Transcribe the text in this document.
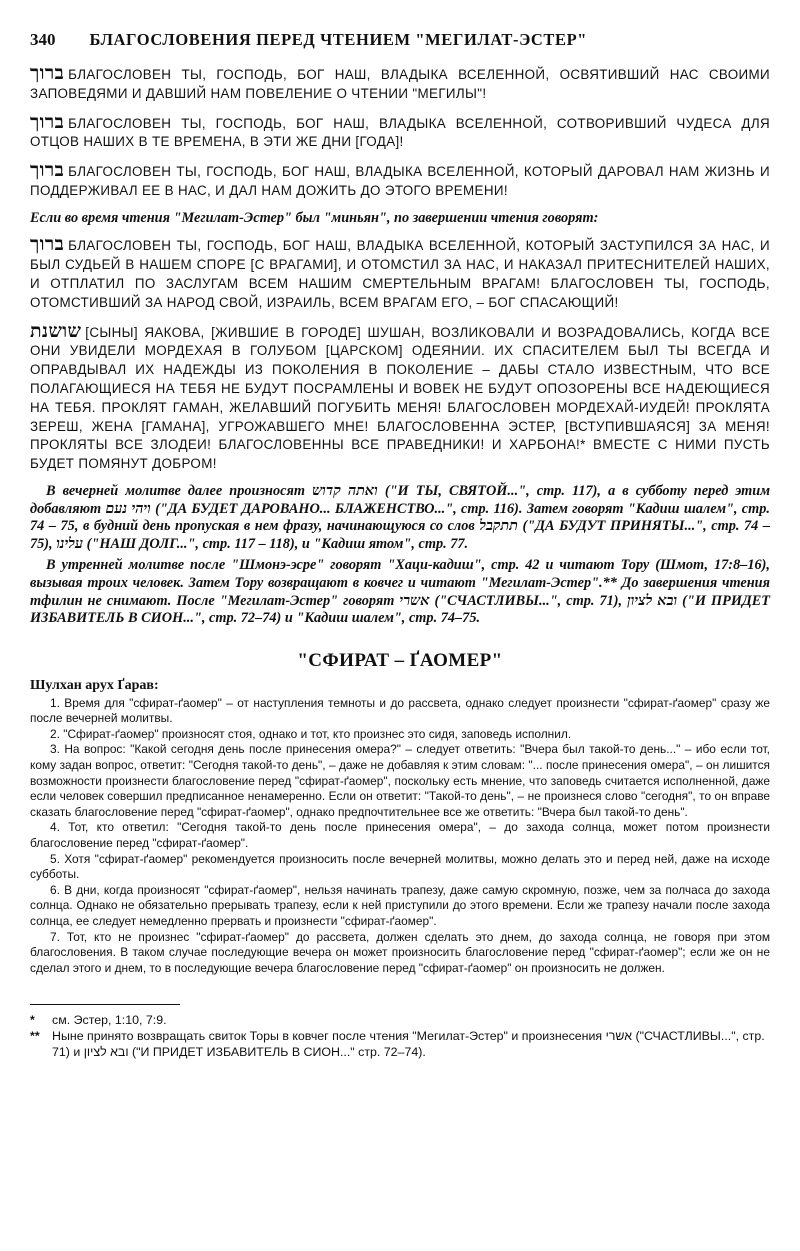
340 БЛАГОСЛОВЕНИЯ ПЕРЕД ЧТЕНИЕМ "МЕГИЛАТ-ЭСТЕР"

ברוך БЛАГОСЛОВЕН ТЫ, ГОСПОДЬ, БОГ НАШ, ВЛАДЫКА ВСЕЛЕННОЙ, ОСВЯТИВШИЙ НАС СВОИМИ ЗАПОВЕДЯМИ И ДАВШИЙ НАМ ПОВЕЛЕНИЕ О ЧТЕНИИ "МЕГИЛЫ"!

ברוך БЛАГОСЛОВЕН ТЫ, ГОСПОДЬ, БОГ НАШ, ВЛАДЫКА ВСЕЛЕННОЙ, СОТВОРИВШИЙ ЧУДЕСА ДЛЯ ОТЦОВ НАШИХ В ТЕ ВРЕМЕНА, В ЭТИ ЖЕ ДНИ [ГОДА]!

ברוך БЛАГОСЛОВЕН ТЫ, ГОСПОДЬ, БОГ НАШ, ВЛАДЫКА ВСЕЛЕННОЙ, КОТОРЫЙ ДАРОВАЛ НАМ ЖИЗНЬ И ПОДДЕРЖИВАЛ ЕЕ В НАС, И ДАЛ НАМ ДОЖИТЬ ДО ЭТОГО ВРЕМЕНИ!

Если во время чтения "Мегилат-Эстер" был "миньян", по завершении чтения говорят:

ברוך БЛАГОСЛОВЕН ТЫ, ГОСПОДЬ, БОГ НАШ, ВЛАДЫКА ВСЕЛЕННОЙ, КОТОРЫЙ ЗАСТУПИЛСЯ ЗА НАС, И БЫЛ СУДЬЕЙ В НАШЕМ СПОРЕ [С ВРАГАМИ], И ОТОМСТИЛ ЗА НАС, И НАКАЗАЛ ПРИТЕСНИТЕЛЕЙ НАШИХ, И ОТПЛАТИЛ ПО ЗАСЛУГАМ ВСЕМ НАШИМ СМЕРТЕЛЬНЫМ ВРАГАМ! БЛАГОСЛОВЕН ТЫ, ГОСПОДЬ, ОТОМСТИВШИЙ ЗА НАРОД СВОЙ, ИЗРАИЛЬ, ВСЕМ ВРАГАМ ЕГО, – БОГ СПАСАЮЩИЙ!

שושנת [СЫНЫ] ЯАКОВА, [ЖИВШИЕ В ГОРОДЕ] ШУШАН, ВОЗЛИКОВАЛИ И ВОЗРАДОВАЛИСЬ, КОГДА ВСЕ ОНИ УВИДЕЛИ МОРДЕХАЯ В ГОЛУБОМ [ЦАРСКОМ] ОДЕЯНИИ. ИХ СПАСИТЕЛЕМ БЫЛ ТЫ ВСЕГДА И ОПРАВДЫВАЛ ИХ НАДЕЖДЫ ИЗ ПОКОЛЕНИЯ В ПОКОЛЕНИЕ – ДАБЫ СТАЛО ИЗВЕСТНЫМ, ЧТО ВСЕ ПОЛАГАЮЩИЕСЯ НА ТЕБЯ НЕ БУДУТ ПОСРАМЛЕНЫ И ВОВЕК НЕ БУДУТ ОПОЗОРЕНЫ ВСЕ НАДЕЮЩИЕСЯ НА ТЕБЯ. ПРОКЛЯТ ГАМАН, ЖЕЛАВШИЙ ПОГУБИТЬ МЕНЯ! БЛАГОСЛОВЕН МОРДЕХАЙ-ИУДЕЙ! ПРОКЛЯТА ЗЕРЕШ, ЖЕНА [ГАМАНА], УГРОЖАВШЕГО МНЕ! БЛАГОСЛОВЕННА ЭСТЕР, [ВСТУПИВШАЯСЯ] ЗА МЕНЯ! ПРОКЛЯТЫ ВСЕ ЗЛОДЕИ! БЛАГОСЛОВЕННЫ ВСЕ ПРАВЕДНИКИ! И ХАРБОНА!* ВМЕСТЕ С НИМИ ПУСТЬ БУДЕТ ПОМЯНУТ ДОБРОМ!

В вечерней молитве далее произносят ואתה קדוש ("И ТЫ, СВЯТОЙ...", стр. 117), а в субботу перед этим добавляют ויהי נעם ("ДА БУДЕТ ДАРОВАНО... БЛАЖЕНСТВО...", стр. 116). Затем говорят "Кадиш шалем", стр. 74 – 75, в будний день пропуская в нем фразу, начинающуюся со слов תתקבל ("ДА БУДУТ ПРИНЯТЫ...", стр. 74 – 75), עלינו ("НАШ ДОЛГ...", стр. 117 – 118), и "Кадиш ятом", стр. 77.

В утренней молитве после "Шмонэ-эсре" говорят "Хаци-кадиш", стр. 42 и читают Тору (Шмот, 17:8–16), вызывая троих человек. Затем Тору возвращают в ковчег и читают "Мегилат-Эстер".** До завершения чтения тфилин не снимают. После "Мегилат-Эстер" говорят אשרי ("СЧАСТЛИВЫ...", стр. 71), ובא לציון ("И ПРИДЕТ ИЗБАВИТЕЛЬ В СИОН...", стр. 72–74) и "Кадиш шалем", стр. 74–75.

"СФИРАТ – ҐАОМЕР"
Шулхан арух Ґарав:

1. Время для "сфират-ґаомер" – от наступления темноты и до рассвета, однако следует произнести "сфират-ґаомер" сразу же после вечерней молитвы.

2. "Сфират-ґаомер" произносят стоя, однако и тот, кто произнес это сидя, заповедь исполнил.

3. На вопрос: "Какой сегодня день после принесения омера?" – следует ответить: "Вчера был такой-то день..." – ибо если тот, кому задан вопрос, ответит: "Сегодня такой-то день", – даже не добавляя к этим словам: "... после принесения омера", – он лишится возможности произнести благословение перед "сфират-ґаомер", поскольку есть мнение, что заповедь считается исполненной, даже если человек совершил предписанное ненамеренно. Если он ответит: "Такой-то день", – не произнеся слово "сегодня", то он вправе сказать благословение перед "сфират-ґаомер", однако предпочтительнее все же ответить: "Вчера был такой-то день".

4. Тот, кто ответил: "Сегодня такой-то день после принесения омера", – до захода солнца, может потом произнести благословение перед "сфират-ґаомер".

5. Хотя "сфират-ґаомер" рекомендуется произносить после вечерней молитвы, можно делать это и перед ней, даже на исходе субботы.

6. В дни, когда произносят "сфират-ґаомер", нельзя начинать трапезу, даже самую скромную, позже, чем за полчаса до захода солнца. Однако не обязательно прерывать трапезу, если к ней приступили до этого времени. Если же трапезу начали после захода солнца, ее следует немедленно прервать и произнести "сфират-ґаомер".

7. Тот, кто не произнес "сфират-ґаомер" до рассвета, должен сделать это днем, до захода солнца, не говоря при этом благословения. В таком случае последующие вечера он может произносить благословение перед "сфират-ґаомер"; если же он не сделал этого и днем, то в последующие вечера благословение перед "сфират-ґаомер" он произносить не должен.

*	см. Эстер, 1:10, 7:9.

** Ныне принято возвращать свиток Торы в ковчег после чтения "Мегилат-Эстер" и произнесения אשרי ("СЧАСТЛИВЫ...", стр. 71) и ובא לציון ("И ПРИДЕТ ИЗБАВИТЕЛЬ В СИОН..." стр. 72–74).
